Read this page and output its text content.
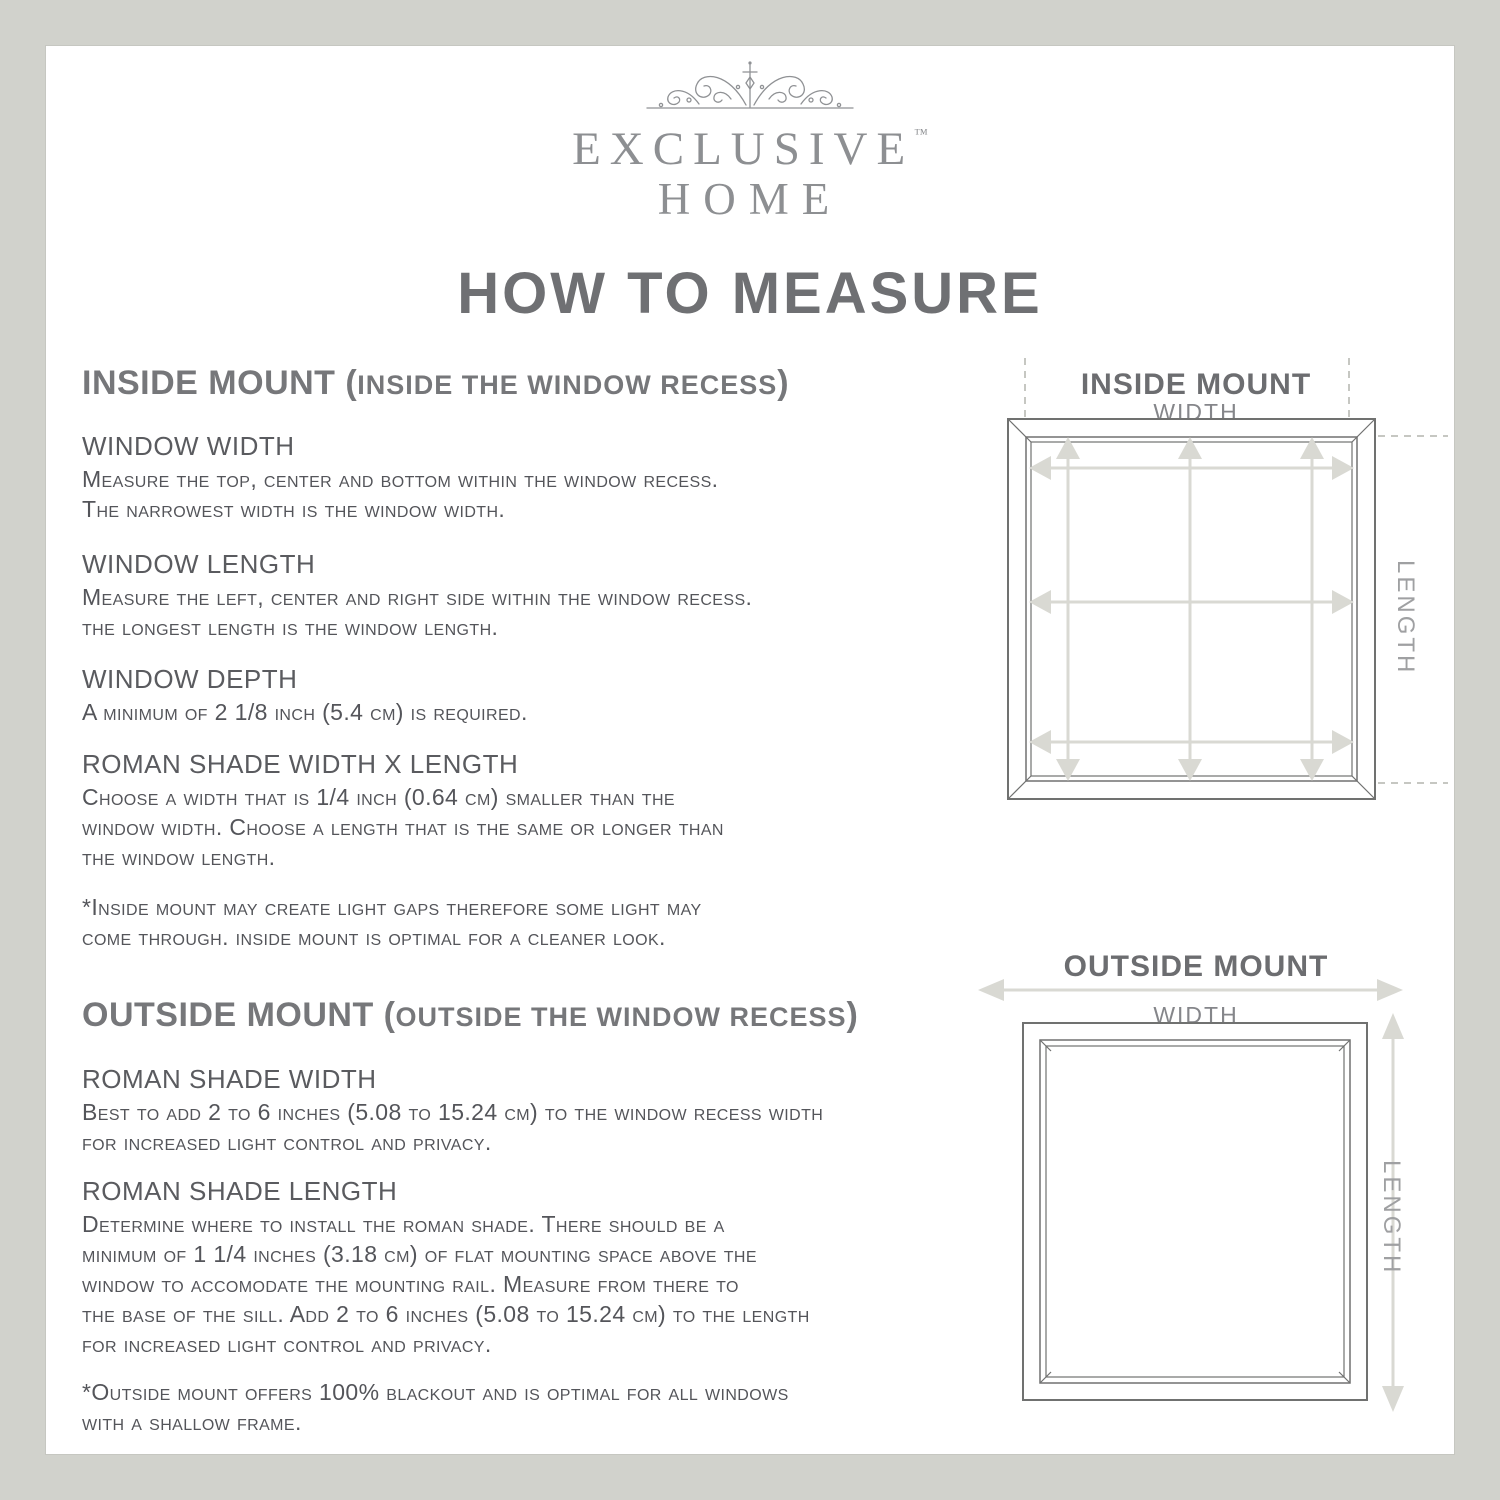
EXCLUSIVE™
HOME
HOW TO MEASURE
INSIDE MOUNT (INSIDE THE WINDOW RECESS)
WINDOW WIDTH
Measure the top, center and bottom within the window recess.
The narrowest width is the window width.
WINDOW LENGTH
Measure the left, center and right side within the window recess.
the longest length is the window length.
WINDOW DEPTH
A minimum of 2 1/8 inch (5.4 cm) is required.
ROMAN SHADE WIDTH X LENGTH
Choose a width that is 1/4 inch (0.64 cm) smaller than the
window width. Choose a length that is the same or longer than
the window length.
*Inside mount may create light gaps therefore some light may
come through. inside mount is optimal for a cleaner look.
OUTSIDE MOUNT (OUTSIDE THE WINDOW RECESS)
ROMAN SHADE WIDTH
Best to add 2 to 6 inches (5.08 to 15.24 cm) to the window recess width
for increased light control and privacy.
ROMAN SHADE LENGTH
Determine where to install the roman shade. There should be a
minimum of 1 1/4 inches (3.18 cm) of flat mounting space above the
window to accomodate the mounting rail. Measure from there to
the base of the sill. Add 2 to 6 inches (5.08 to 15.24 cm) to the length
for increased light control and privacy.
*Outside mount offers 100% blackout and is optimal for all windows
with a shallow frame.
INSIDE MOUNT
WIDTH
LENGTH
OUTSIDE MOUNT
WIDTH
LENGTH
